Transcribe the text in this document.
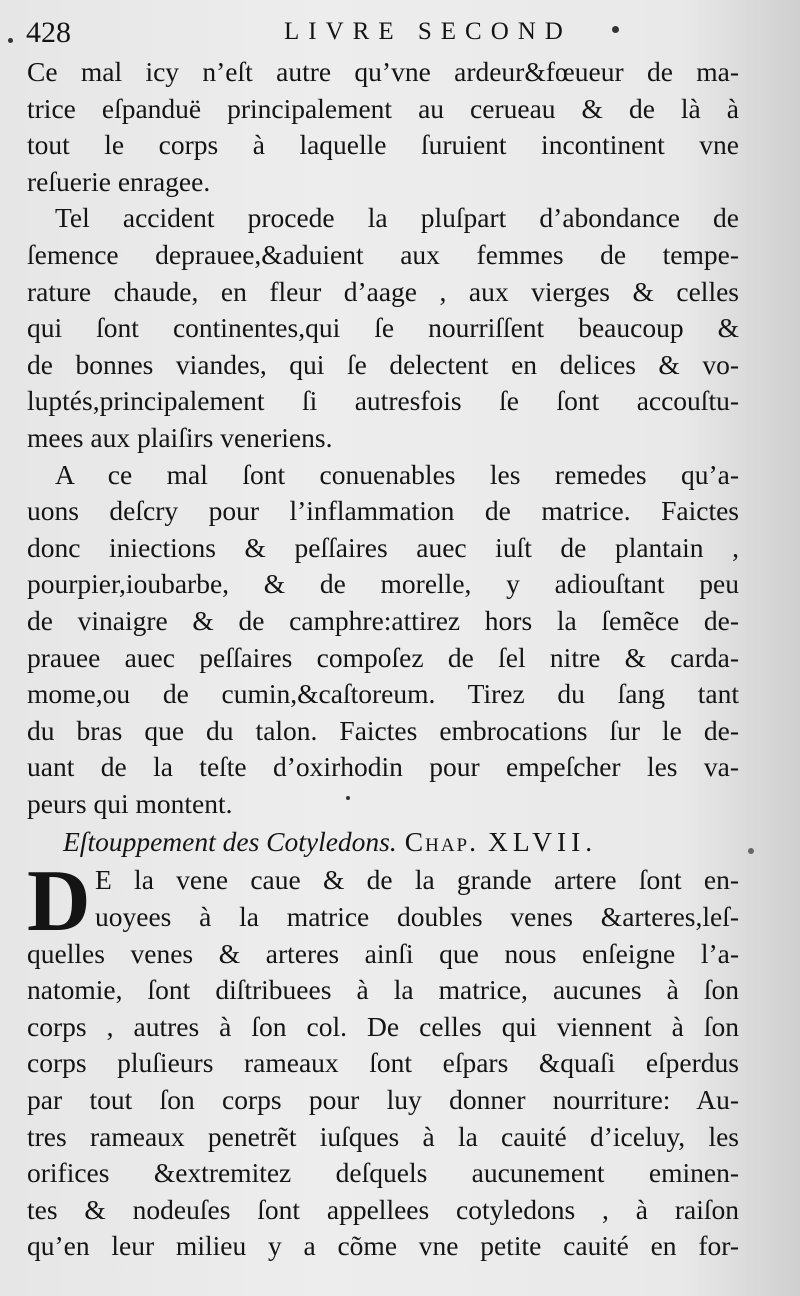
428	LIVRE SECOND
Ce mal icy n’eſt autre qu’vne ardeur&fœueur de ma-
trice eſpanduë principalement au cerueau & de là à
tout le corps à laquelle ſuruient incontinent vne
reſuerie enragee.
Tel accident procede la pluſpart d’abondance de
ſemence deprauee,&aduient aux femmes de tempe-
rature chaude, en fleur d’aage , aux vierges & celles
qui ſont continentes,qui ſe nourriſſent beaucoup &
de bonnes viandes, qui ſe delectent en delices & vo-
luptés,principalement ſi autresfois ſe ſont accouſtu-
mees aux plaiſirs veneriens.
A ce mal ſont conuenables les remedes qu’a-
uons deſcry pour l’inflammation de matrice. Faictes
donc iniections & peſſaires auec iuſt de plantain ,
pourpier,ioubarbe, & de morelle, y adiouſtant peu
de vinaigre & de camphre:attirez hors la ſemẽce de-
prauee auec peſſaires compoſez de ſel nitre & carda-
mome,ou de cumin,&caſtoreum. Tirez du ſang tant
du bras que du talon. Faictes embrocations ſur le de-
uant de la teſte d’oxirhodin pour empeſcher les va-
peurs qui montent.
Eſtouppement des Cotyledons. Chap. XLVII.
D E la vene caue & de la grande artere ſont en-
uoyees à la matrice doubles venes &arteres,leſ-
quelles venes & arteres ainſi que nous enſeigne l’a-
natomie, ſont diſtribuees à la matrice, aucunes à ſon
corps , autres à ſon col. De celles qui viennent à ſon
corps pluſieurs rameaux ſont eſpars &quaſi eſperdus
par tout ſon corps pour luy donner nourriture: Au-
tres rameaux penetrẽt iuſques à la cauité d’iceluy, les
orifices &extremitez deſquels aucunement eminen-
tes & nodeuſes ſont appellees cotyledons , à raiſon
qu’en leur milieu y a cõme vne petite cauité en for-
